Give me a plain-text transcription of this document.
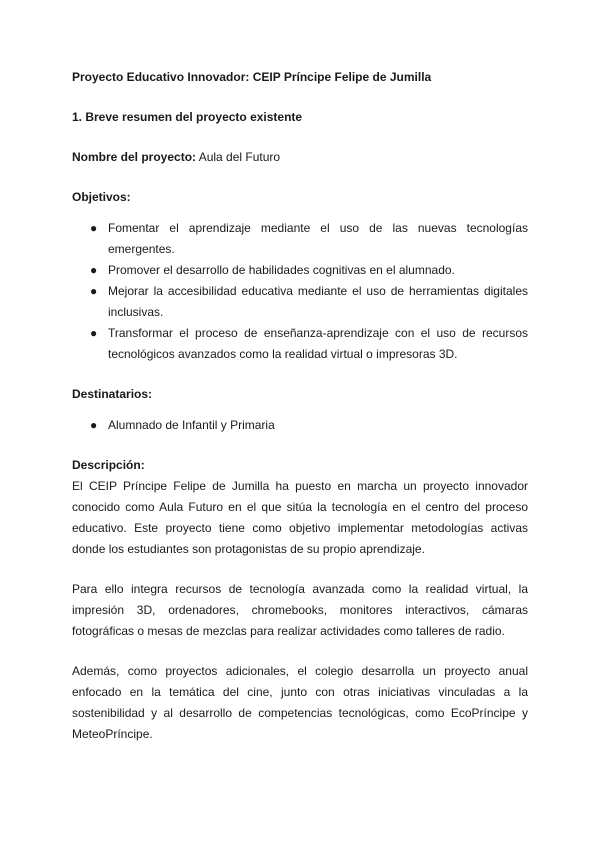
Proyecto Educativo Innovador: CEIP Príncipe Felipe de Jumilla

1. Breve resumen del proyecto existente

Nombre del proyecto: Aula del Futuro

Objetivos:

● Fomentar el aprendizaje mediante el uso de las nuevas tecnologías emergentes.
● Promover el desarrollo de habilidades cognitivas en el alumnado.
● Mejorar la accesibilidad educativa mediante el uso de herramientas digitales inclusivas.
● Transformar el proceso de enseñanza-aprendizaje con el uso de recursos tecnológicos avanzados como la realidad virtual o impresoras 3D.

Destinatarios:

● Alumnado de Infantil y Primaria

Descripción:

El CEIP Príncipe Felipe de Jumilla ha puesto en marcha un proyecto innovador conocido como Aula Futuro en el que sitúa la tecnología en el centro del proceso educativo. Este proyecto tiene como objetivo implementar metodologías activas donde los estudiantes son protagonistas de su propio aprendizaje.

Para ello integra recursos de tecnología avanzada como la realidad virtual, la impresión 3D, ordenadores, chromebooks, monitores interactivos, cámaras fotográficas o mesas de mezclas para realizar actividades como talleres de radio.

Además, como proyectos adicionales, el colegio desarrolla un proyecto anual enfocado en la temática del cine, junto con otras iniciativas vinculadas a la sostenibilidad y al desarrollo de competencias tecnológicas, como EcoPríncipe y MeteoPríncipe.
